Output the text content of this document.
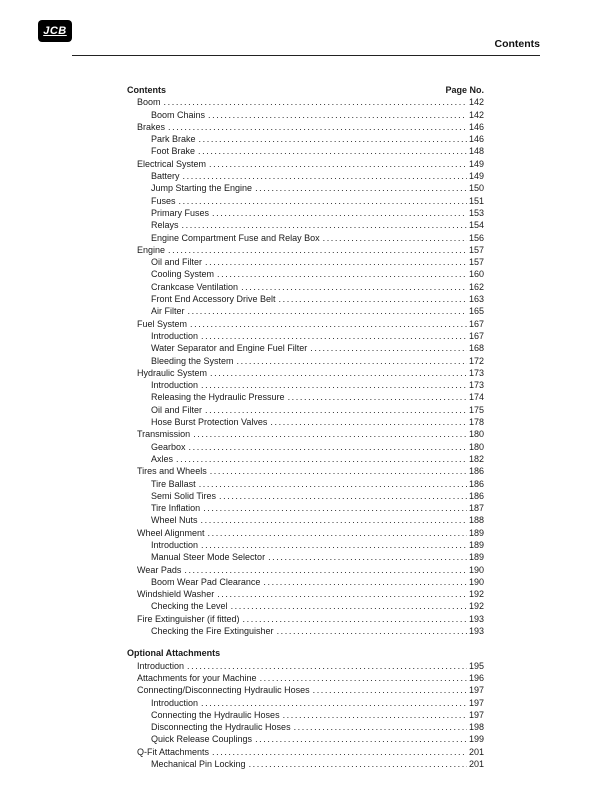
JCB
Contents
Contents	Page No.
Boom .....	142
Boom Chains .....	142
Brakes .....	146
Park Brake .....	146
Foot Brake .....	148
Electrical System .....	149
Battery .....	149
Jump Starting the Engine .....	150
Fuses .....	151
Primary Fuses .....	153
Relays .....	154
Engine Compartment Fuse and Relay Box .....	156
Engine .....	157
Oil and Filter .....	157
Cooling System .....	160
Crankcase Ventilation .....	162
Front End Accessory Drive Belt .....	163
Air Filter .....	165
Fuel System .....	167
Introduction .....	167
Water Separator and Engine Fuel Filter .....	168
Bleeding the System .....	172
Hydraulic System .....	173
Introduction .....	173
Releasing the Hydraulic Pressure .....	174
Oil and Filter .....	175
Hose Burst Protection Valves .....	178
Transmission .....	180
Gearbox .....	180
Axles .....	182
Tires and Wheels .....	186
Tire Ballast .....	186
Semi Solid Tires .....	186
Tire Inflation .....	187
Wheel Nuts .....	188
Wheel Alignment .....	189
Introduction .....	189
Manual Steer Mode Selector .....	189
Wear Pads .....	190
Boom Wear Pad Clearance .....	190
Windshield Washer .....	192
Checking the Level .....	192
Fire Extinguisher (if fitted) .....	193
Checking the Fire Extinguisher .....	193
Optional Attachments
Introduction .....	195
Attachments for your Machine .....	196
Connecting/Disconnecting Hydraulic Hoses .....	197
Introduction .....	197
Connecting the Hydraulic Hoses .....	197
Disconnecting the Hydraulic Hoses .....	198
Quick Release Couplings .....	199
Q-Fit Attachments .....	201
Mechanical Pin Locking .....	201
